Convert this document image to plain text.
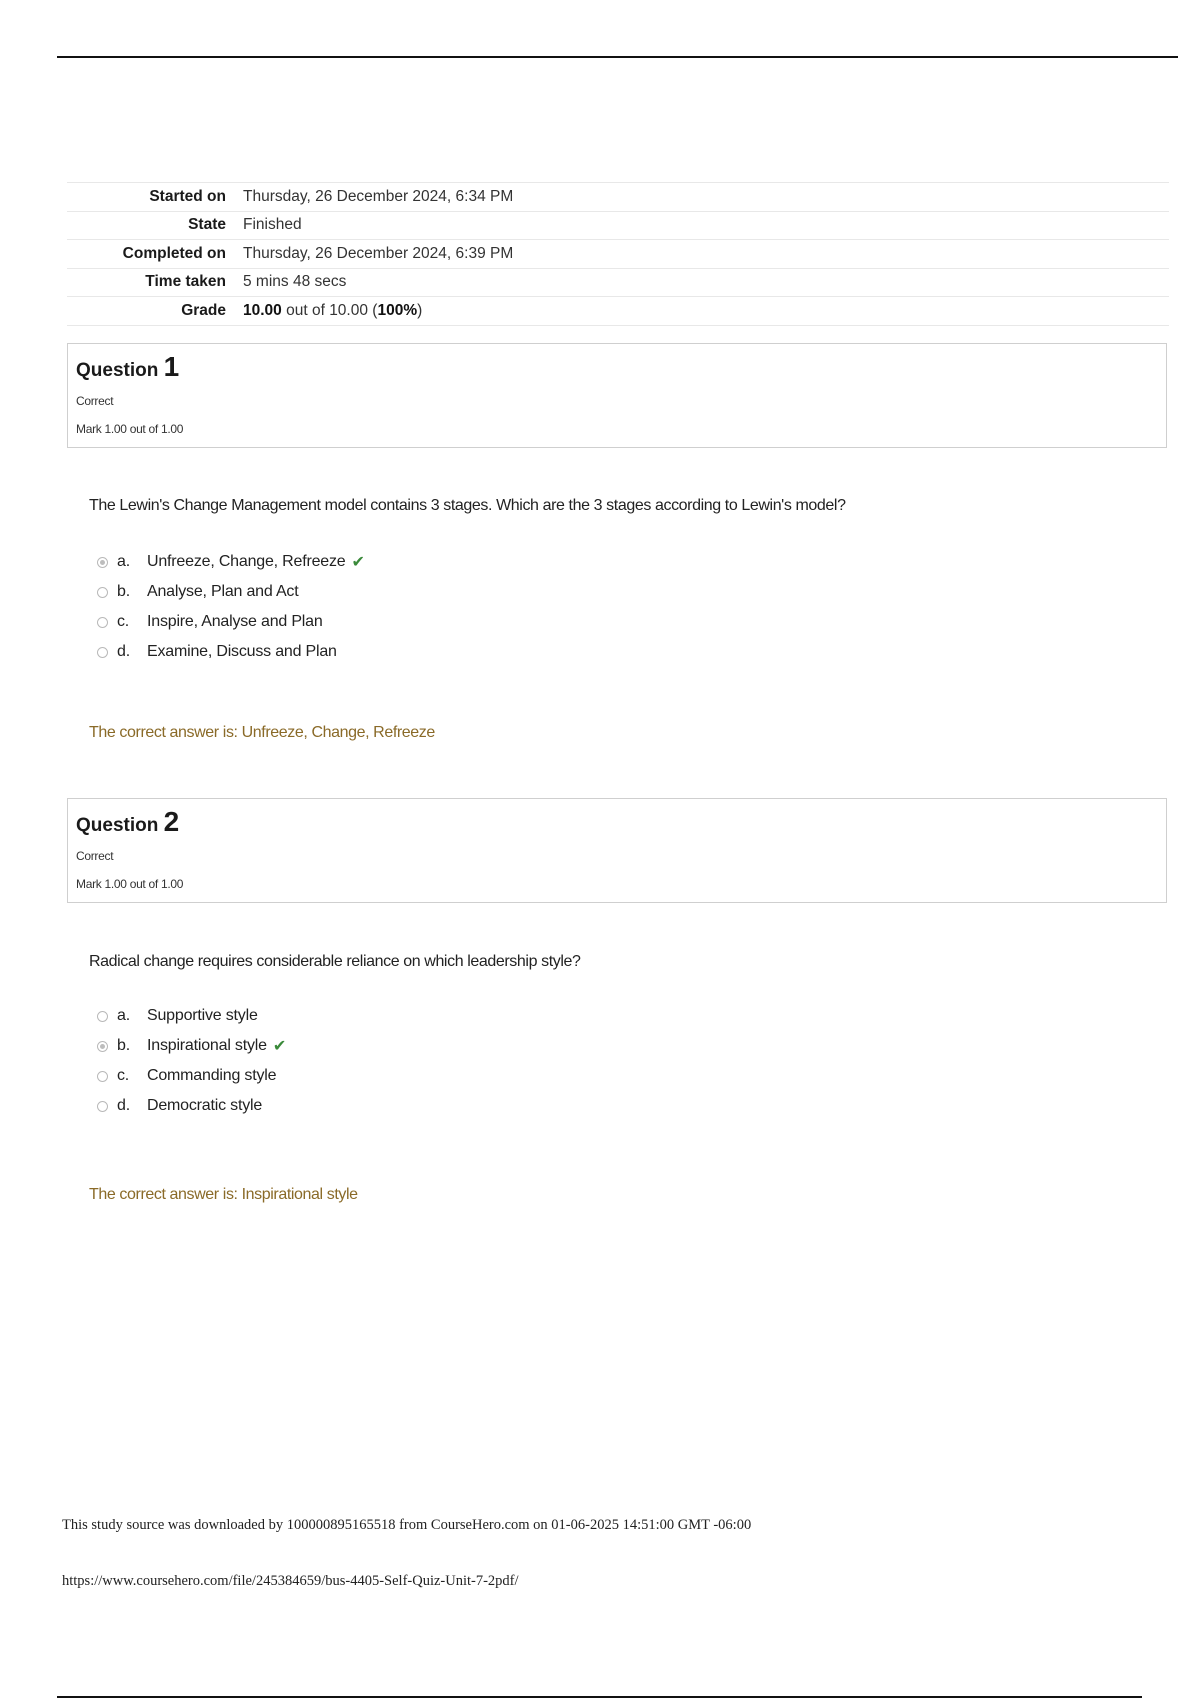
Started on	Thursday, 26 December 2024, 6:34 PM
State	Finished
Completed on	Thursday, 26 December 2024, 6:39 PM
Time taken	5 mins 48 secs
Grade	10.00 out of 10.00 (100%)
Question 1
Correct
Mark 1.00 out of 1.00
The Lewin's Change Management model contains 3 stages. Which are the 3 stages according to Lewin's model?
a.	Unfreeze, Change, Refreeze ✔
b.	Analyse, Plan and Act
c.	Inspire, Analyse and Plan
d.	Examine, Discuss and Plan
The correct answer is: Unfreeze, Change, Refreeze
Question 2
Correct
Mark 1.00 out of 1.00
Radical change requires considerable reliance on which leadership style?
a.	Supportive style
b.	Inspirational style ✔
c.	Commanding style
d.	Democratic style
The correct answer is: Inspirational style
This study source was downloaded by 100000895165518 from CourseHero.com on 01-06-2025 14:51:00 GMT -06:00
https://www.coursehero.com/file/245384659/bus-4405-Self-Quiz-Unit-7-2pdf/
